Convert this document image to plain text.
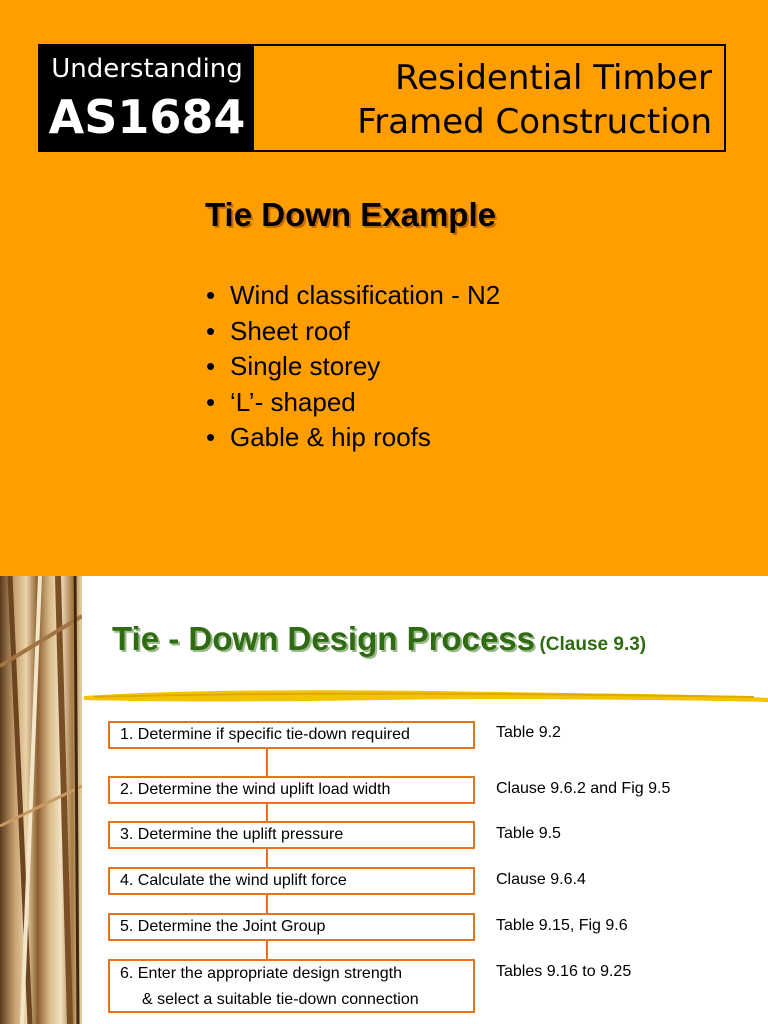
Understanding
AS1684
Residential Timber
Framed Construction
Tie Down Example
• Wind classification - N2
• Sheet roof
• Single storey
• ‘L’- shaped
• Gable & hip roofs
Tie - Down Design Process (Clause 9.3)
1. Determine if specific tie-down required	Table 9.2
2. Determine the wind uplift load width	Clause 9.6.2 and Fig 9.5
3. Determine the uplift pressure	Table 9.5
4. Calculate the wind uplift force	Clause 9.6.4
5. Determine the Joint Group	Table 9.15, Fig 9.6
6. Enter the appropriate design strength
& select a suitable tie-down connection
Tables 9.16 to 9.25
